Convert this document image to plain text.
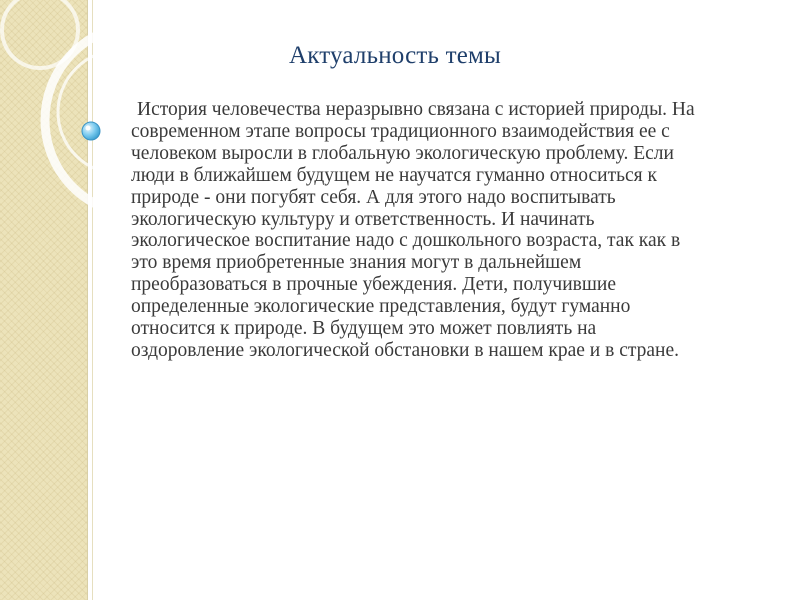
Актуальность темы

История человечества неразрывно связана с историей природы. На современном этапе вопросы традиционного взаимодействия ее с человеком выросли в глобальную экологическую проблему. Если люди в ближайшем будущем не научатся гуманно относиться к природе - они погубят себя. А для этого надо воспитывать экологическую культуру и ответственность. И начинать экологическое воспитание надо с дошкольного возраста, так как в это время приобретенные знания могут в дальнейшем преобразоваться в прочные убеждения. Дети, получившие определенные экологические представления, будут гуманно относится к природе. В будущем это может повлиять на оздоровление экологической обстановки в нашем крае и в стране.
